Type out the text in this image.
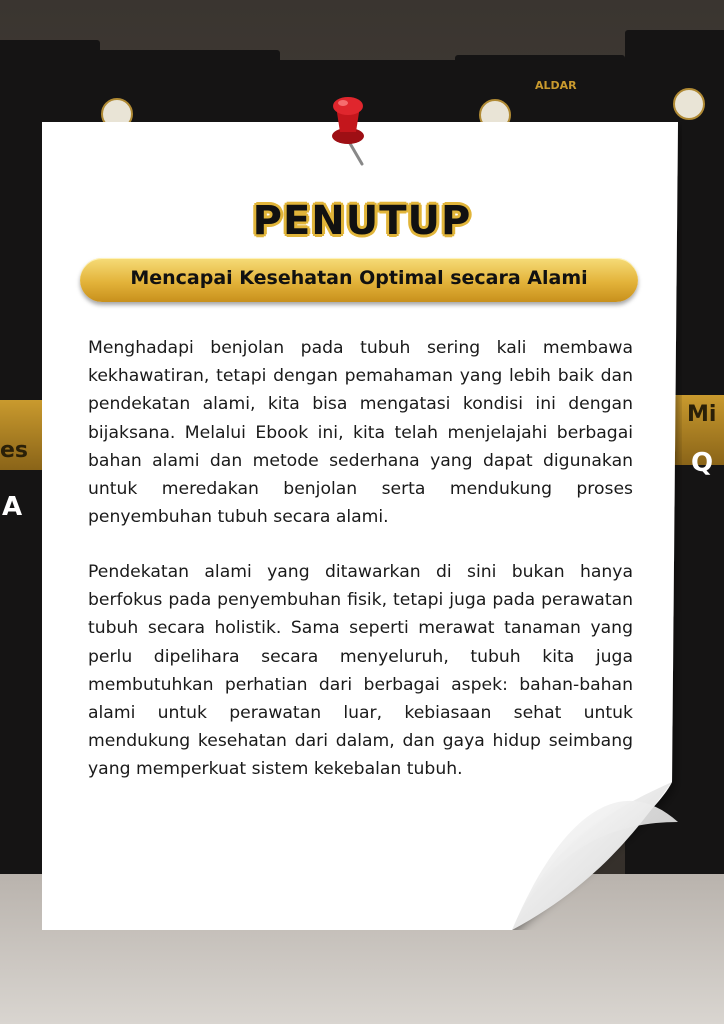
es
A
ALDAR
Mi
Q
PENUTUP
Mencapai Kesehatan Optimal secara Alami

Menghadapi benjolan pada tubuh sering kali membawa kekhawatiran, tetapi dengan pemahaman yang lebih baik dan pendekatan alami, kita bisa mengatasi kondisi ini dengan bijaksana. Melalui Ebook ini, kita telah menjelajahi berbagai bahan alami dan metode sederhana yang dapat digunakan untuk meredakan benjolan serta mendukung proses penyembuhan tubuh secara alami.

Pendekatan alami yang ditawarkan di sini bukan hanya berfokus pada penyembuhan fisik, tetapi juga pada perawatan tubuh secara holistik. Sama seperti merawat tanaman yang perlu dipelihara secara menyeluruh, tubuh kita juga membutuhkan perhatian dari berbagai aspek: bahan-bahan alami untuk perawatan luar, kebiasaan sehat untuk mendukung kesehatan dari dalam, dan gaya hidup seimbang yang memperkuat sistem kekebalan tubuh.
